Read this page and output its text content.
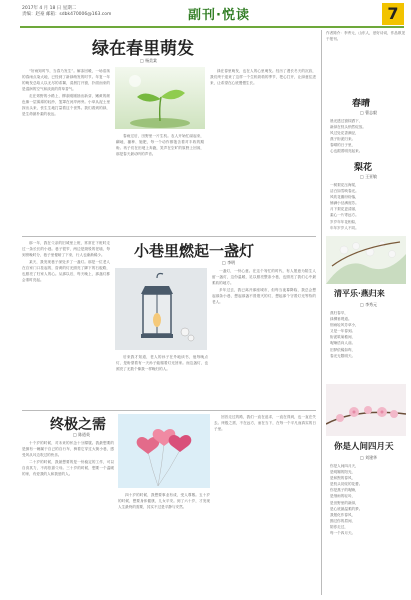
2017年 4 月 18 日 星期二
责编：赵豪 邮箱：sdbk470006@163.com	副刊·悦读	7
绿在春里萌发
□ 杨美棠

“好雨知时节，当春乃发生”。解冻回暖，一场浩荡的春雨点染大地，已经到了新绿萌发的时节。年复一年的萌发总给人以无尽的希冀，清晨打开窗，扑面而来的是湿润的空气和淡淡的青草香气。

走在郊野的小路上，柳条刚刚抽出新芽，嫩黄的颜色像一层薄薄的轻纱，笼罩在河岸两旁。小草从泥土里探出头来，怯生生地打量着这个世界。我们看到的绿，是生命最朴素的表达。

春雨过后，田野里一片生机。农人开始忙碌起来，翻地、播种、施肥，每一个动作都饱含着对丰收的期盼。孩子们在田埂上奔跑，笑声在空旷的原野上回荡，那是春天最动听的声音。

绿在春里萌发，也在人的心里萌发。经历了漫长冬天的沉寂，我们终于迎来了这样一个生机勃勃的季节，把心打开，让绿意住进来，让希望在心底慢慢生长。

那一年，我在父亲的旧城里上班，常常在下班时走过一条长长的小巷。巷子很窄，两边是斑驳的老墙，每到傍晚时分，巷子里便暗了下来，行人也渐渐稀少。

某天，我发现巷子深处多了一盏灯。那是一位老人在自家门口挂起的，昏黄的灯光照亮了脚下的石板路，也照亮了归家人的心。从那以后，每天晚上，那盏灯都会准时亮起。

小巷里燃起一盏灯
□ 李明

后来我才知道，老人的孙子在外地读书，他每晚点灯，是盼望着有一天孙子能循着灯光回家。而这盏灯，也照亮了无数个像我一样晚归的人。

一盏灯，一份心意。在这个匆忙的时代，有人愿意为陌生人留一盏灯，这份温暖，足以照亮整条小巷，也照亮了我们心中最柔软的地方。

多年过去，我已离开那座城市，但每当夜幕降临，我总会想起那条小巷，想起那盏不曾熄灭的灯，想起那个守着灯光等待的老人。

终极之需
□ 陈道英

十个岁的时候，对未来的怀念十分朦胧。我最想要的是拥有一辆属于自己的自行车，骑着它穿过大街小巷，感受风从耳边吹过的快乐。

二十岁的时候，我最想要的是一份稳定的工作，可以自食其力，不再依靠父母。三十岁的时候，想要一个温暖的家，有爱我的人和我爱的人。

四十岁的时候，我想要事业有成，受人尊敬。五十岁的时候，想要身体健康，儿女平安。到了六十岁，才发现人生最终的需要，其实不过是平静与安然。

回首走过的路，我们一直在追求，一直在得到，也一直在失去。终极之需，不在远方，而在当下，在每一个平凡而真实的日子里。

作者简介：李秀元，山东人，爱好诗词，作品散见于报刊。
春晴
□ 曹志毅
晨光透过窗棂洒下，
新绿在枝头悄然绽放。
风过处花香满径，
燕子衔泥归来。
春晴的日子里，
心也跟着明亮起来。
梨花
□ 王亚敏
一树梨花压海棠，
洁白如雪映春光。
风吹花瓣纷纷落，
铺满小径满庭芳。
月下梨花更清丽，
素心一片寄远方。
岁岁年年花相似，
年年岁岁人不同。
清平乐·燕归来
□ 李秀元
燕归春早，
绿柳垂堤道。
细雨轻风芳草小，
又是一年春到。
衔泥筑巢檐间，
呢喃语向人前。
旧梦依稀如昨，
春光无限明天。
你是人间四月天
□ 刘建华
你是人间四月天，
是明媚的阳光，
是和煦的春风，
是枝头初绽的花蕾。
你是燕子的呢喃，
是细雨的轻吟，
是田野里的新绿，
是心底最温柔的梦。
我愿化作春风，
拂过你的眉间，
陪你走过，
每一个四月天。
